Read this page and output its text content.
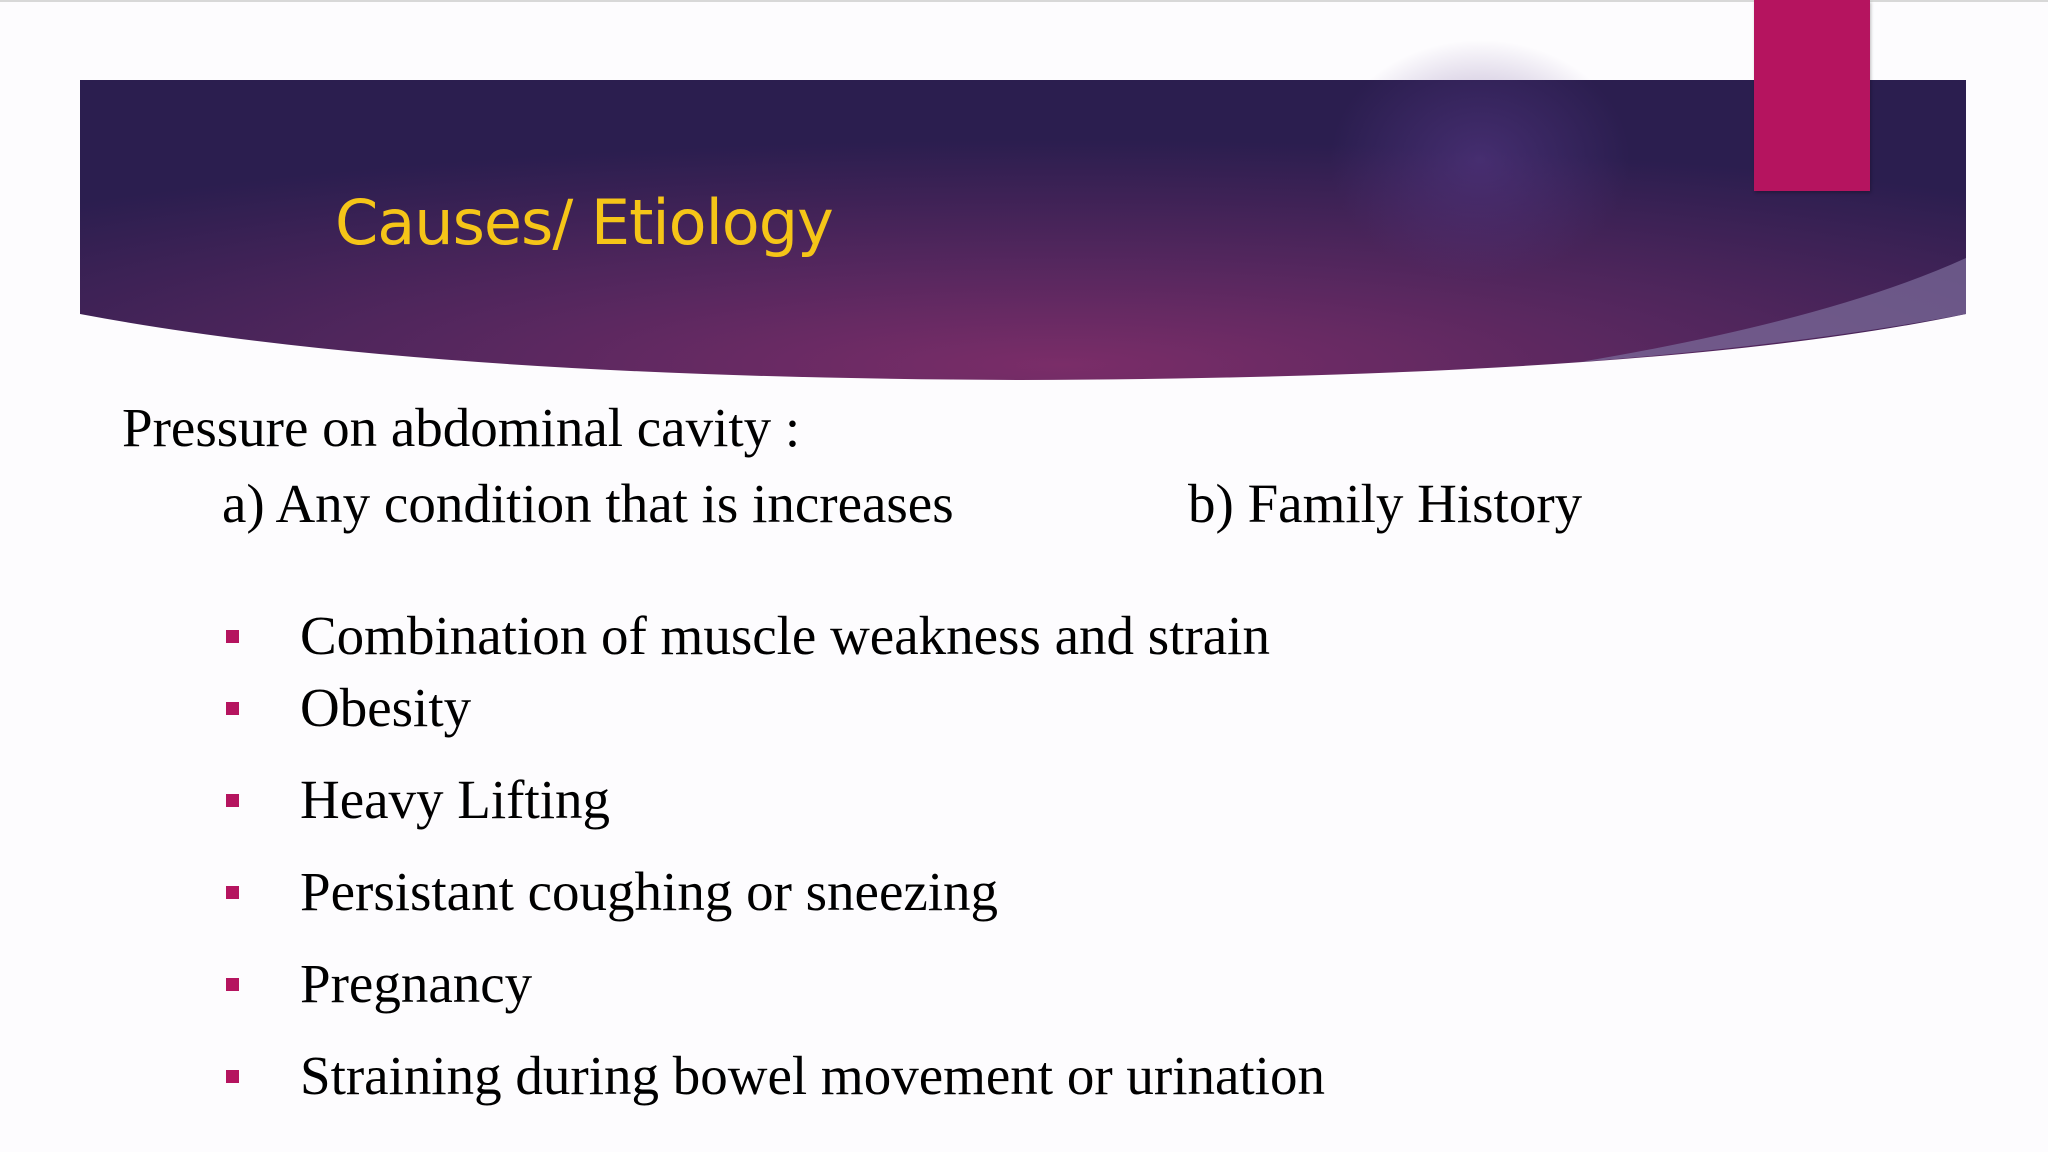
Causes/ Etiology
Pressure on abdominal cavity :
a) Any condition that is increases	b) Family History
Combination of muscle weakness and strain
Obesity
Heavy Lifting
Persistant coughing or sneezing
Pregnancy
Straining during bowel movement or urination
